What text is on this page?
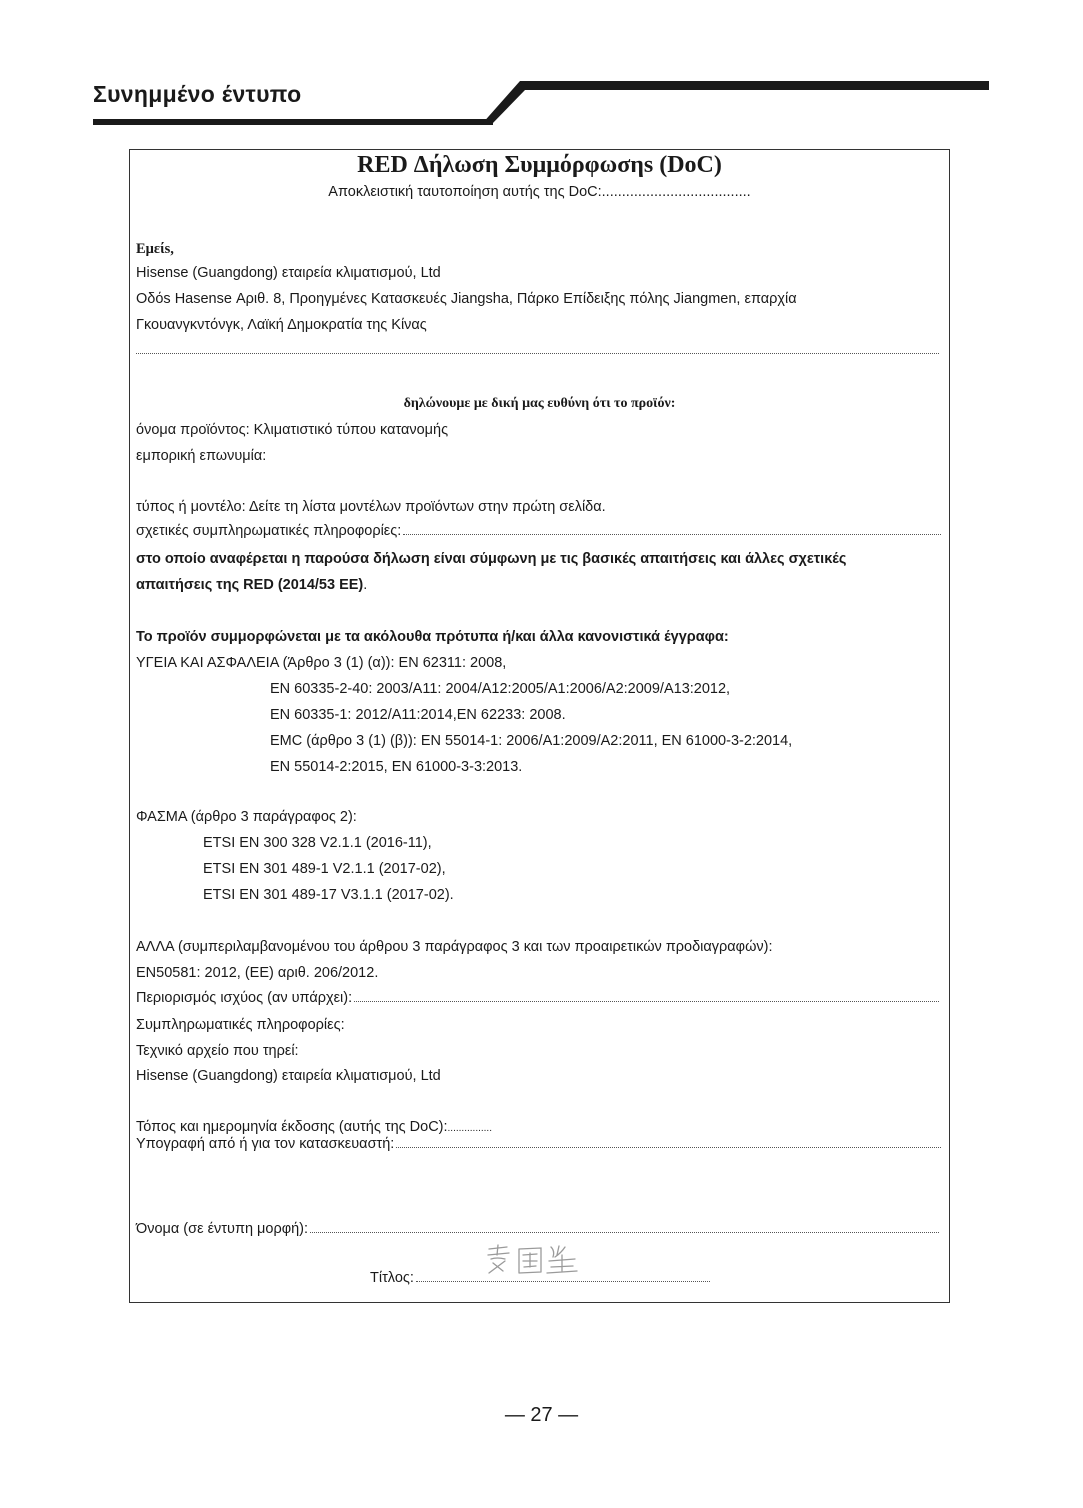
Συνημμένο έντυπο
RED Δήλωση Συμμόρφωσηs (DoC)
Αποκλειστική ταυτοποίηση αυτής της DoC:.....................................
Εμείs,
Hisense (Guangdong) εταιρεία κλιματισμού, Ltd
Οδόs Hasense Αριθ. 8, Προηγμένες Κατασκευές Jiangsha, Πάρκο Επίδειξης πόλης Jiangmen, επαρχία
Γκουανγκντόνγκ, Λαϊκή Δημοκρατία της Κίνας
δηλώνουμε με δική μας ευθύνη ότι το προϊόν:
όνομα προϊόντος: Κλιματιστικό τύπου κατανομής
εμπορική επωνυμία:
τύπος ή μοντέλο: Δείτε τη λίστα μοντέλων προϊόντων στην πρώτη σελίδα.
σχετικές συμπληρωματικές πληροφορίες:
στο οποίο αναφέρεται η παρούσα δήλωση είναι σύμφωνη με τις βασικές απαιτήσεις και άλλες σχετικές
απαιτήσεις της RED (2014/53 ΕΕ).
Το προϊόν συμμορφώνεται με τα ακόλουθα πρότυπα ή/και άλλα κανονιστικά έγγραφα:
ΥΓΕΙΑ ΚΑΙ ΑΣΦΑΛΕΙΑ (Άρθρο 3 (1) (α)): EN 62311: 2008,
EN 60335-2-40: 2003/A11: 2004/A12:2005/A1:2006/A2:2009/A13:2012,
EN 60335-1: 2012/A11:2014,EN 62233: 2008.
EMC (άρθρο 3 (1) (β)): EN 55014-1: 2006/A1:2009/A2:2011, EN 61000-3-2:2014,
EN 55014-2:2015, EN 61000-3-3:2013.
ΦΑΣΜΑ (άρθρο 3 παράγραφος 2):
ETSI EN 300 328 V2.1.1 (2016-11),
ETSI EN 301 489-1 V2.1.1 (2017-02),
ETSI EN 301 489-17 V3.1.1 (2017-02).
ΑΛΛΑ (συμπεριλαμβανομένου του άρθρου 3 παράγραφος 3 και των προαιρετικών προδιαγραφών):
EN50581: 2012, (ΕΕ) αριθ. 206/2012.
Περιορισμός ισχύος (αν υπάρχει):
Συμπληρωματικές πληροφορίες:
Τεχνικό αρχείο που τηρεί:
Hisense (Guangdong) εταιρεία κλιματισμού, Ltd
Τόπος και ημερομηνία έκδοσης (αυτής της DoC):................
Υπογραφή από ή για τον κατασκευαστή:
Όνομα (σε έντυπη μορφή):
Τίτλος:
— 27 —
